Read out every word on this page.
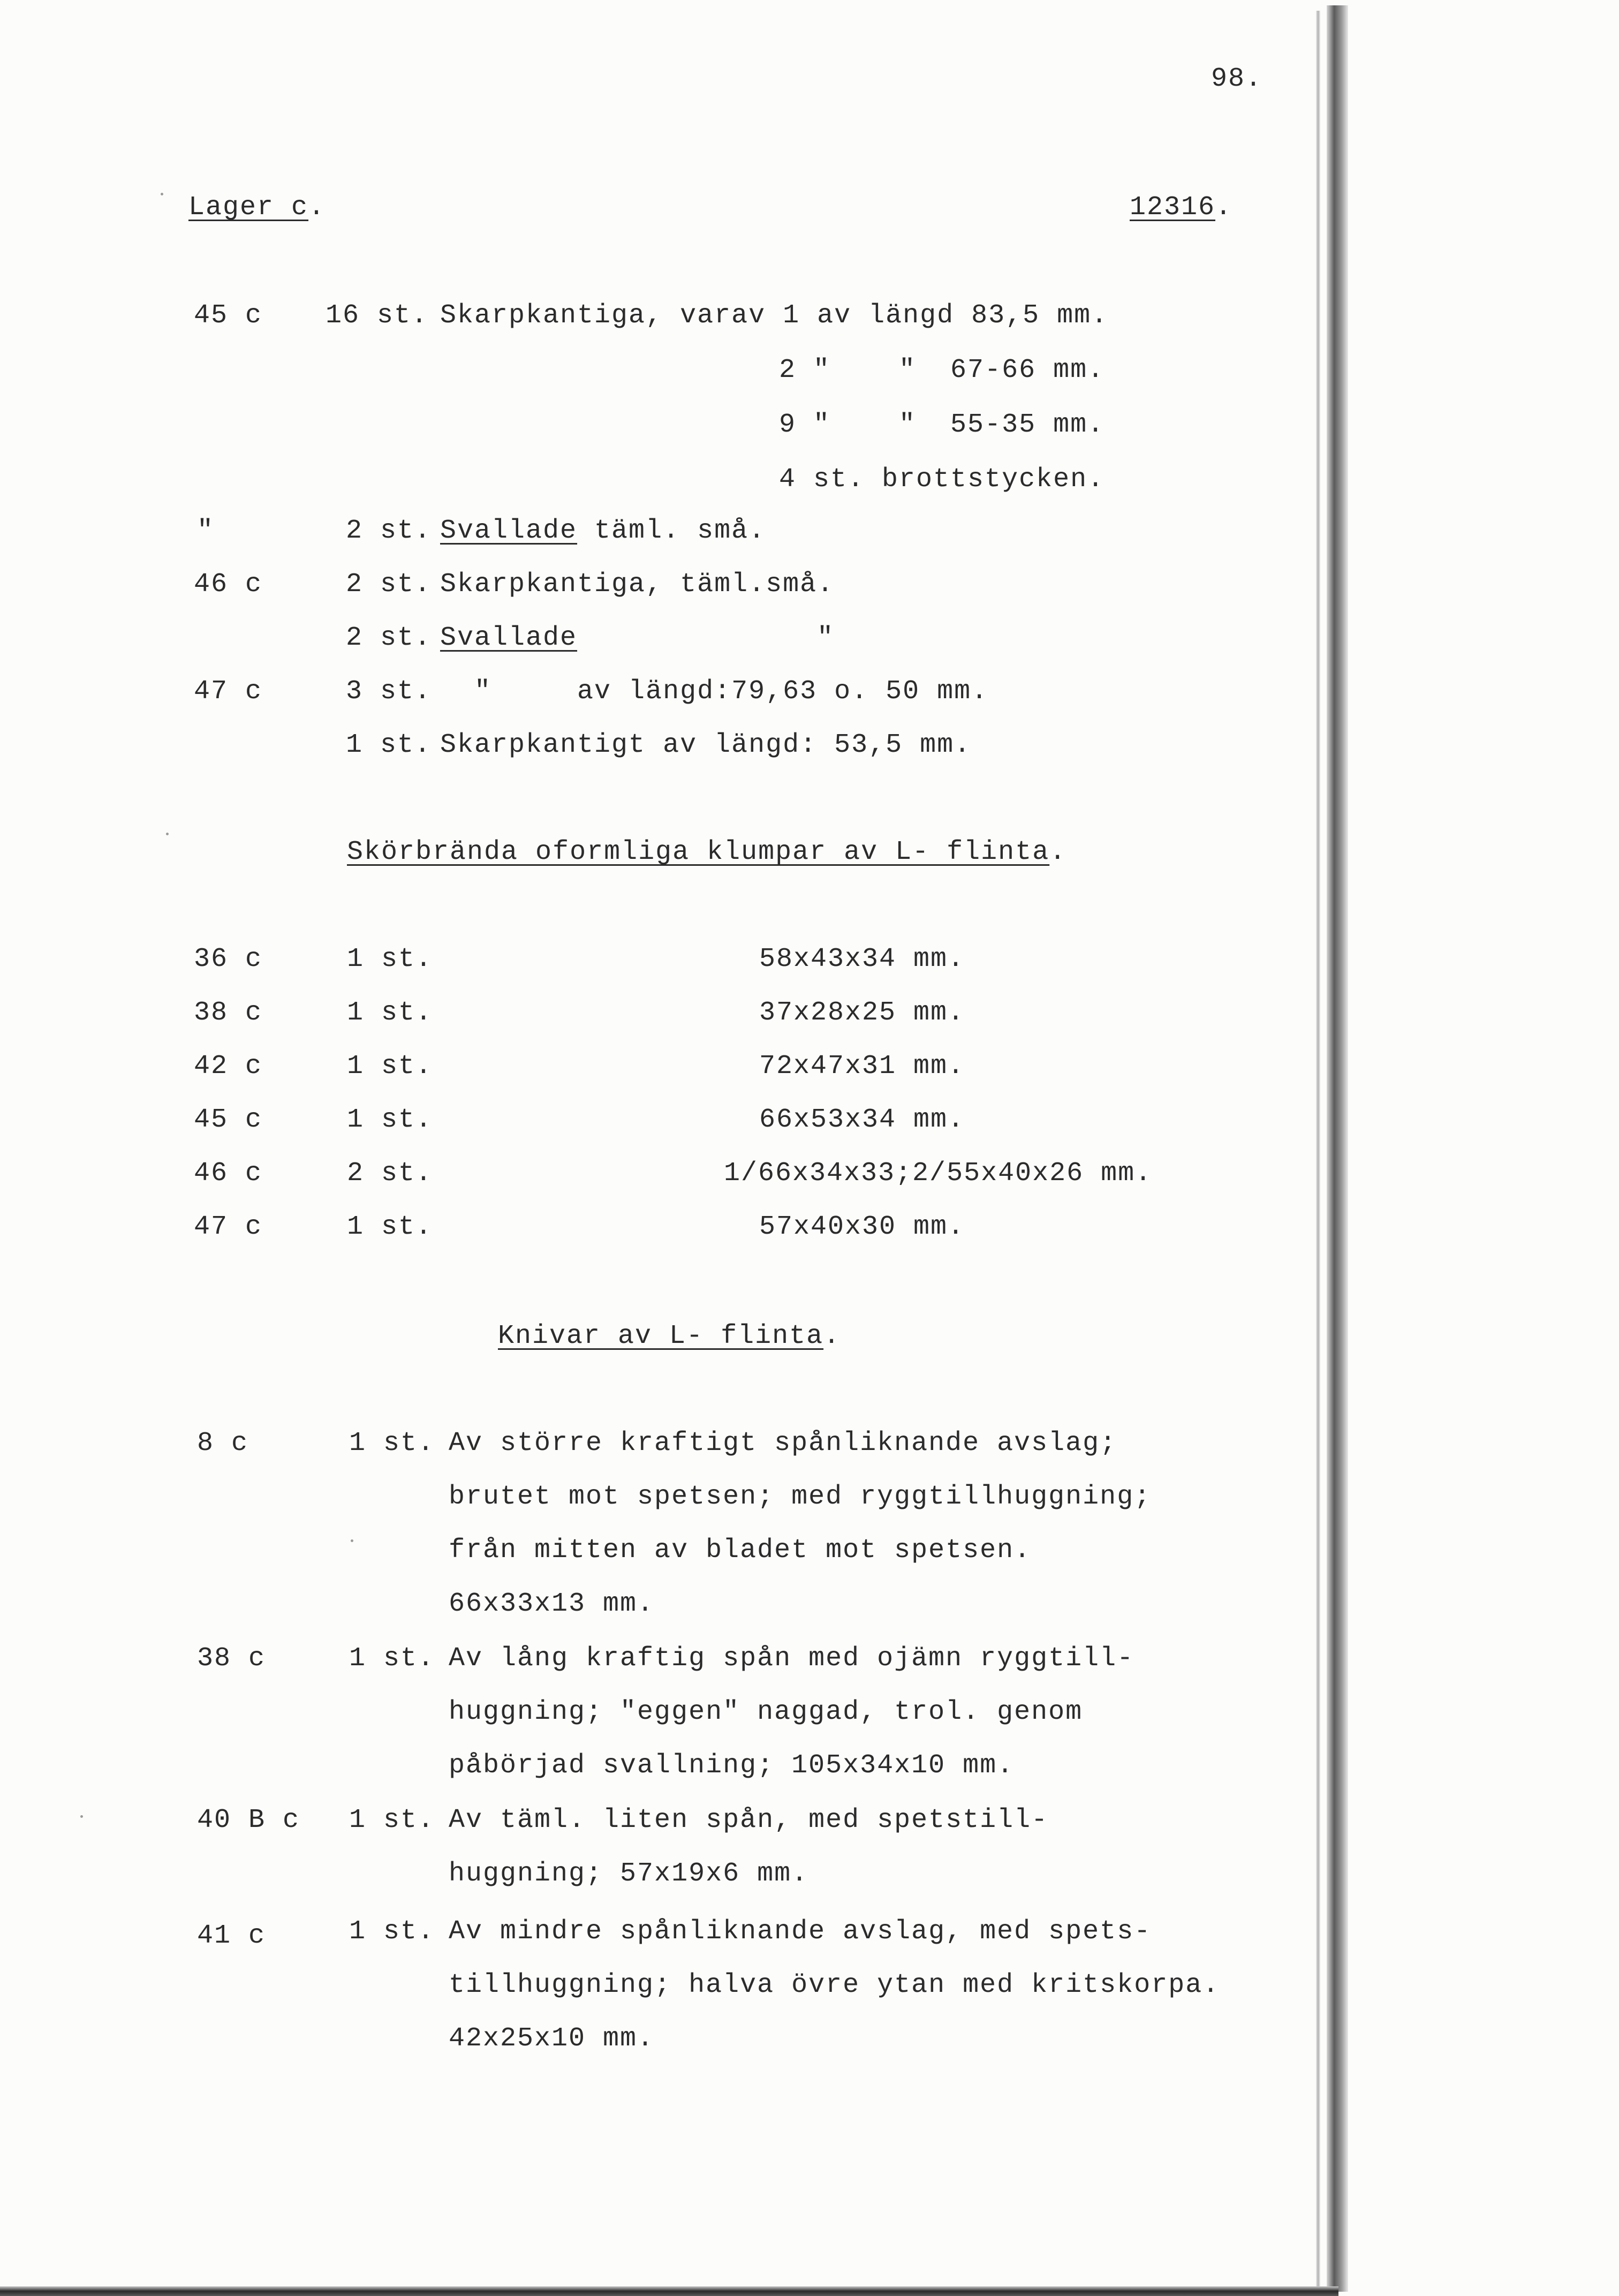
98.
Lager c.	12316.
45 c 16 st. Skarpkantiga, varav 1 av längd 83,5 mm.
2 "    "  67-66 mm.
9 "    "  55-35 mm.
4 st. brottstycken.
"	2 st. Svallade täml. små.
46 c	2 st. Skarpkantiga, täml.små.
2 st. Svallade              "
47 c	3 st. "     av längd:79,63 o. 50 mm.
1 st. Skarpkantigt av längd: 53,5 mm.
Skörbrända oformliga klumpar av L- flinta.
36 c	1 st.	58x43x34 mm.
38 c	1 st.	37x28x25 mm.
42 c	1 st.	72x47x31 mm.
45 c	1 st.	66x53x34 mm.
46 c	2 st.	1/66x34x33;2/55x40x26 mm.
47 c	1 st.	57x40x30 mm.
Knivar av L- flinta.
8 c	1 st. Av större kraftigt spånliknande avslag;
brutet mot spetsen; med ryggtillhuggning;
från mitten av bladet mot spetsen.
66x33x13 mm.
38 c	1 st. Av lång kraftig spån med ojämn ryggtill-
huggning; "eggen" naggad, trol. genom
påbörjad svallning; 105x34x10 mm.
40 B c 1 st. Av täml. liten spån, med spetstill-
huggning; 57x19x6 mm.
41 c	1 st. Av mindre spånliknande avslag, med spets-
tillhuggning; halva övre ytan med kritskorpa.
42x25x10 mm.
